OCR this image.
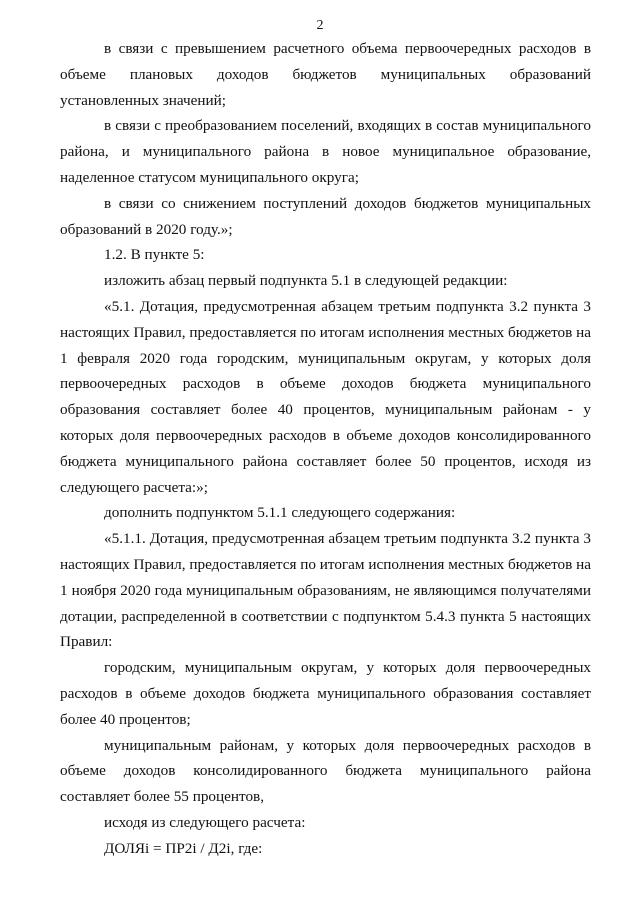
2

в связи с превышением расчетного объема первоочередных расходов в объеме плановых доходов бюджетов муниципальных образований установленных значений;

в связи с преобразованием поселений, входящих в состав муниципального района, и муниципального района в новое муниципальное образование, наделенное статусом муниципального округа;

в связи со снижением поступлений доходов бюджетов муниципальных образований в 2020 году.»;

1.2. В пункте 5:

изложить абзац первый подпункта 5.1 в следующей редакции:

«5.1. Дотация, предусмотренная абзацем третьим подпункта 3.2 пункта 3 настоящих Правил, предоставляется по итогам исполнения местных бюджетов на 1 февраля 2020 года городским, муниципальным округам, у которых доля первоочередных расходов в объеме доходов бюджета муниципального образования составляет более 40 процентов, муниципальным районам - у которых доля первоочередных расходов в объеме доходов консолидированного бюджета муниципального района составляет более 50 процентов, исходя из следующего расчета:»;

дополнить подпунктом 5.1.1 следующего содержания:

«5.1.1. Дотация, предусмотренная абзацем третьим подпункта 3.2 пункта 3 настоящих Правил, предоставляется по итогам исполнения местных бюджетов на 1 ноября 2020 года муниципальным образованиям, не являющимся получателями дотации, распределенной в соответствии с подпунктом 5.4.3 пункта 5 настоящих Правил:

городским, муниципальным округам, у которых доля первоочередных расходов в объеме доходов бюджета муниципального образования составляет более 40 процентов;

муниципальным районам, у которых доля первоочередных расходов в объеме доходов консолидированного бюджета муниципального района составляет более 55 процентов,

исходя из следующего расчета:

ДОЛЯi = ПР2i / Д2i, где:
